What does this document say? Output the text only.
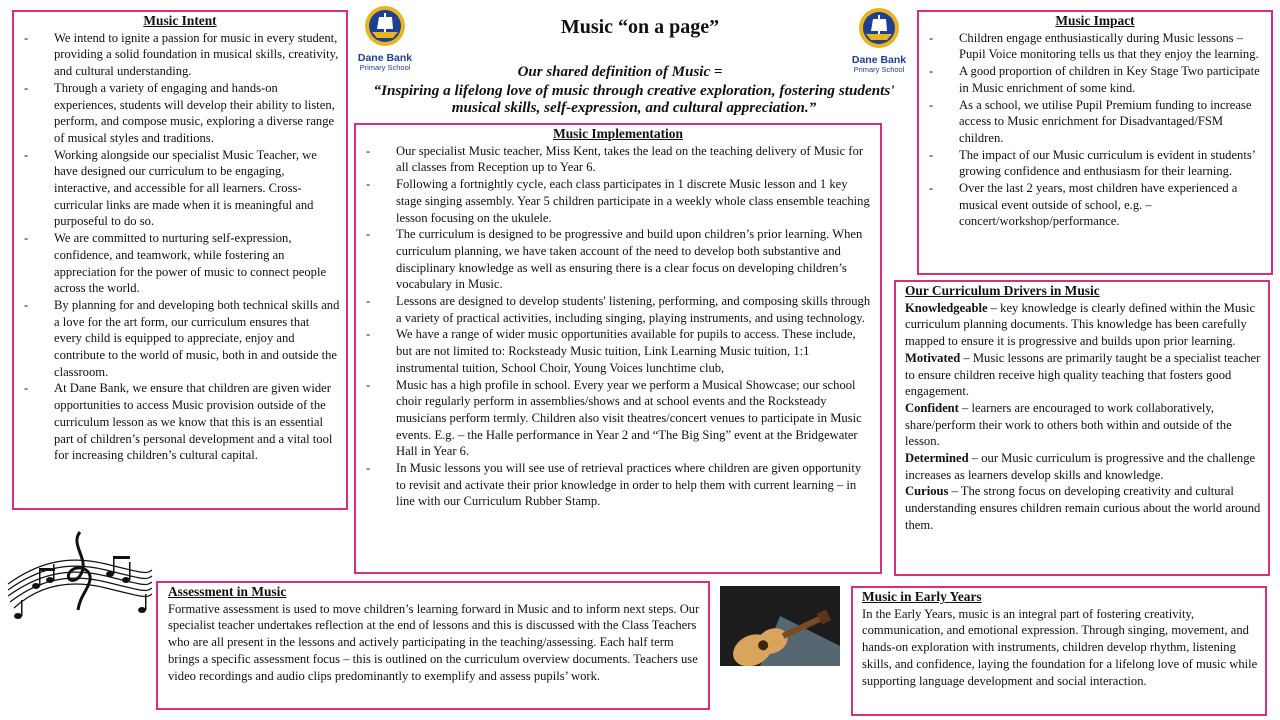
Music “on a page”
Our shared definition of Music =
“Inspiring a lifelong love of music through creative exploration, fostering students' musical skills, self-expression, and cultural appreciation.”
Dane Bank
Primary School
Dane Bank
Primary School
Music Intent
- We intend to ignite a passion for music in every student, providing a solid foundation in musical skills, creativity, and cultural understanding.
- Through a variety of engaging and hands-on experiences, students will develop their ability to listen, perform, and compose music, exploring a diverse range of musical styles and traditions.
- Working alongside our specialist Music Teacher, we have designed our curriculum to be engaging, interactive, and accessible for all learners. Cross-curricular links are made when it is meaningful and purposeful to do so.
- We are committed to nurturing self-expression, confidence, and teamwork, while fostering an appreciation for the power of music to connect people across the world.
- By planning for and developing both technical skills and a love for the art form, our curriculum ensures that every child is equipped to appreciate, enjoy and contribute to the world of music, both in and outside the classroom.
- At Dane Bank, we ensure that children are given wider opportunities to access Music provision outside of the curriculum lesson as we know that this is an essential part of children’s personal development and a vital tool for increasing children’s cultural capital.
Music Implementation
- Our specialist Music teacher, Miss Kent, takes the lead on the teaching delivery of Music for all classes from Reception up to Year 6.
- Following a fortnightly cycle, each class participates in 1 discrete Music lesson and 1 key stage singing assembly. Year 5 children participate in a weekly whole class ensemble teaching lesson focusing on the ukulele.
- The curriculum is designed to be progressive and build upon children’s prior learning. When curriculum planning, we have taken account of the need to develop both substantive and disciplinary knowledge as well as ensuring there is a clear focus on developing children’s vocabulary in Music.
- Lessons are designed to develop students' listening, performing, and composing skills through a variety of practical activities, including singing, playing instruments, and using technology.
- We have a range of wider music opportunities available for pupils to access. These include, but are not limited to: Rocksteady Music tuition, Link Learning Music tuition, 1:1 instrumental tuition, School Choir, Young Voices lunchtime club,
- Music has a high profile in school. Every year we perform a Musical Showcase; our school choir regularly perform in assemblies/shows and at school events and the Rocksteady musicians perform termly. Children also visit theatres/concert venues to participate in Music events. E.g. – the Halle performance in Year 2 and “The Big Sing” event at the Bridgewater Hall in Year 6.
- In Music lessons you will see use of retrieval practices where children are given opportunity to revisit and activate their prior knowledge in order to help them with current learning – in line with our Curriculum Rubber Stamp.
Music Impact
- Children engage enthusiastically during Music lessons – Pupil Voice monitoring tells us that they enjoy the learning.
- A good proportion of children in Key Stage Two participate in Music enrichment of some kind.
- As a school, we utilise Pupil Premium funding to increase access to Music enrichment for Disadvantaged/FSM children.
- The impact of our Music curriculum is evident in students’ growing confidence and enthusiasm for their learning.
- Over the last 2 years, most children have experienced a musical event outside of school, e.g. – concert/workshop/performance.
Our Curriculum Drivers in Music

Knowledgeable – key knowledge is clearly defined within the Music curriculum planning documents. This knowledge has been carefully mapped to ensure it is progressive and builds upon prior learning.

Motivated – Music lessons are primarily taught be a specialist teacher to ensure children receive high quality teaching that fosters good engagement.

Confident – learners are encouraged to work collaboratively, share/perform their work to others both within and outside of the lesson.

Determined – our Music curriculum is progressive and the challenge increases as learners develop skills and knowledge.

Curious – The strong focus on developing creativity and cultural understanding ensures children remain curious about the world around them.

Assessment in Music
Formative assessment is used to move children’s learning forward in Music and to inform next steps. Our specialist teacher undertakes reflection at the end of lessons and this is discussed with the Class Teachers who are all present in the lessons and actively participating in the teaching/assessing. Each half term brings a specific assessment focus – this is outlined on the curriculum overview documents. Teachers use video recordings and audio clips predominantly to exemplify and assess pupils’ work.
Music in Early Years
In the Early Years, music is an integral part of fostering creativity, communication, and emotional expression. Through singing, movement, and hands-on exploration with instruments, children develop rhythm, listening skills, and confidence, laying the foundation for a lifelong love of music while supporting language development and social interaction.
